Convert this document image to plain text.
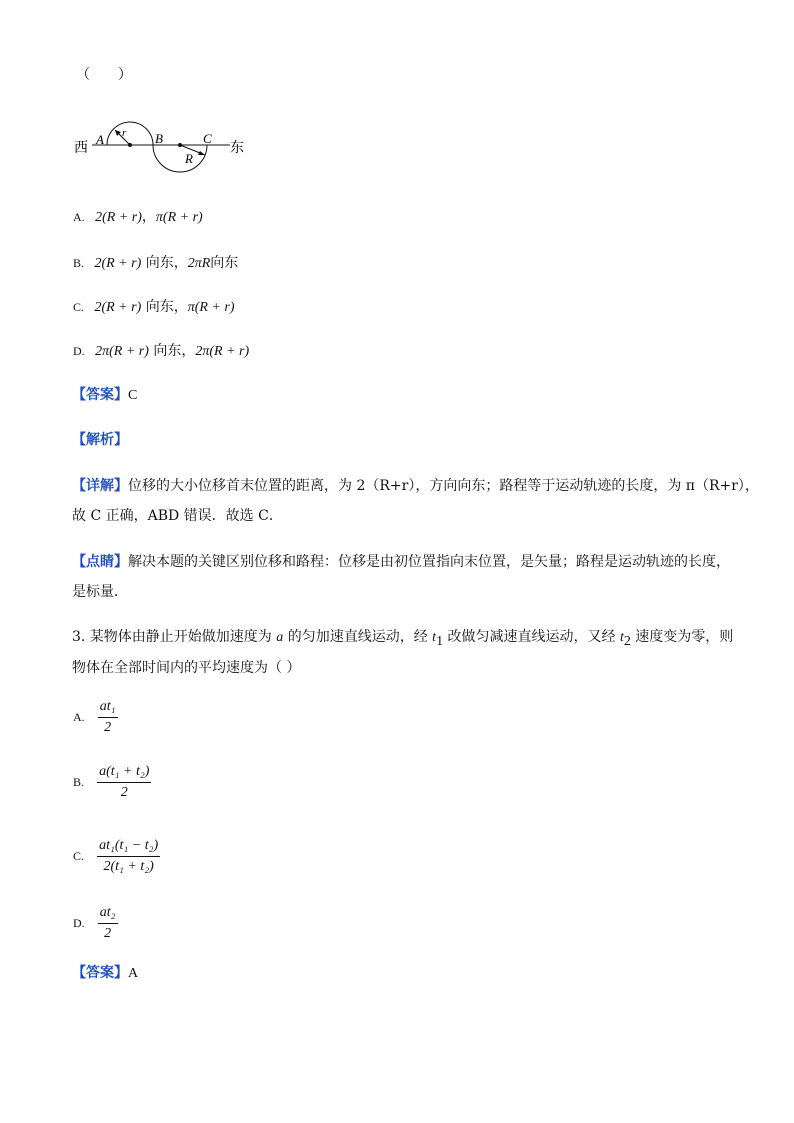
（　　）
西
A r B
R
C
东
A. 2(R + r)，π(R + r)
B. 2(R + r) 向东，2πR向东
C. 2(R + r) 向东，π(R + r)
D. 2π(R + r) 向东，2π(R + r)
【答案】C
【解析】
【详解】位移的大小位移首末位置的距离，为 2（R+r），方向向东；路程等于运动轨迹的长度，为 π（R+r），
故 C 正确，ABD 错误．故选 C．
【点睛】解决本题的关键区别位移和路程：位移是由初位置指向末位置，是矢量；路程是运动轨迹的长度，
是标量．
3. 某物体由静止开始做加速度为 a 的匀加速直线运动，经 $t_1$ 改做匀减速直线运动，又经 $t_2$ 速度变为零，则
物体在全部时间内的平均速度为（ ）
A. $\frac{\text{at₁}}{2}$
B. $\frac{\text{a(t₁ + t₂)}}{2}$
C. $\frac{\text{at₁(t₁ − t₂)}}{\text{2(t₁ + t₂)}}$
D. $\frac{\text{at₂}}{2}$
【答案】A
